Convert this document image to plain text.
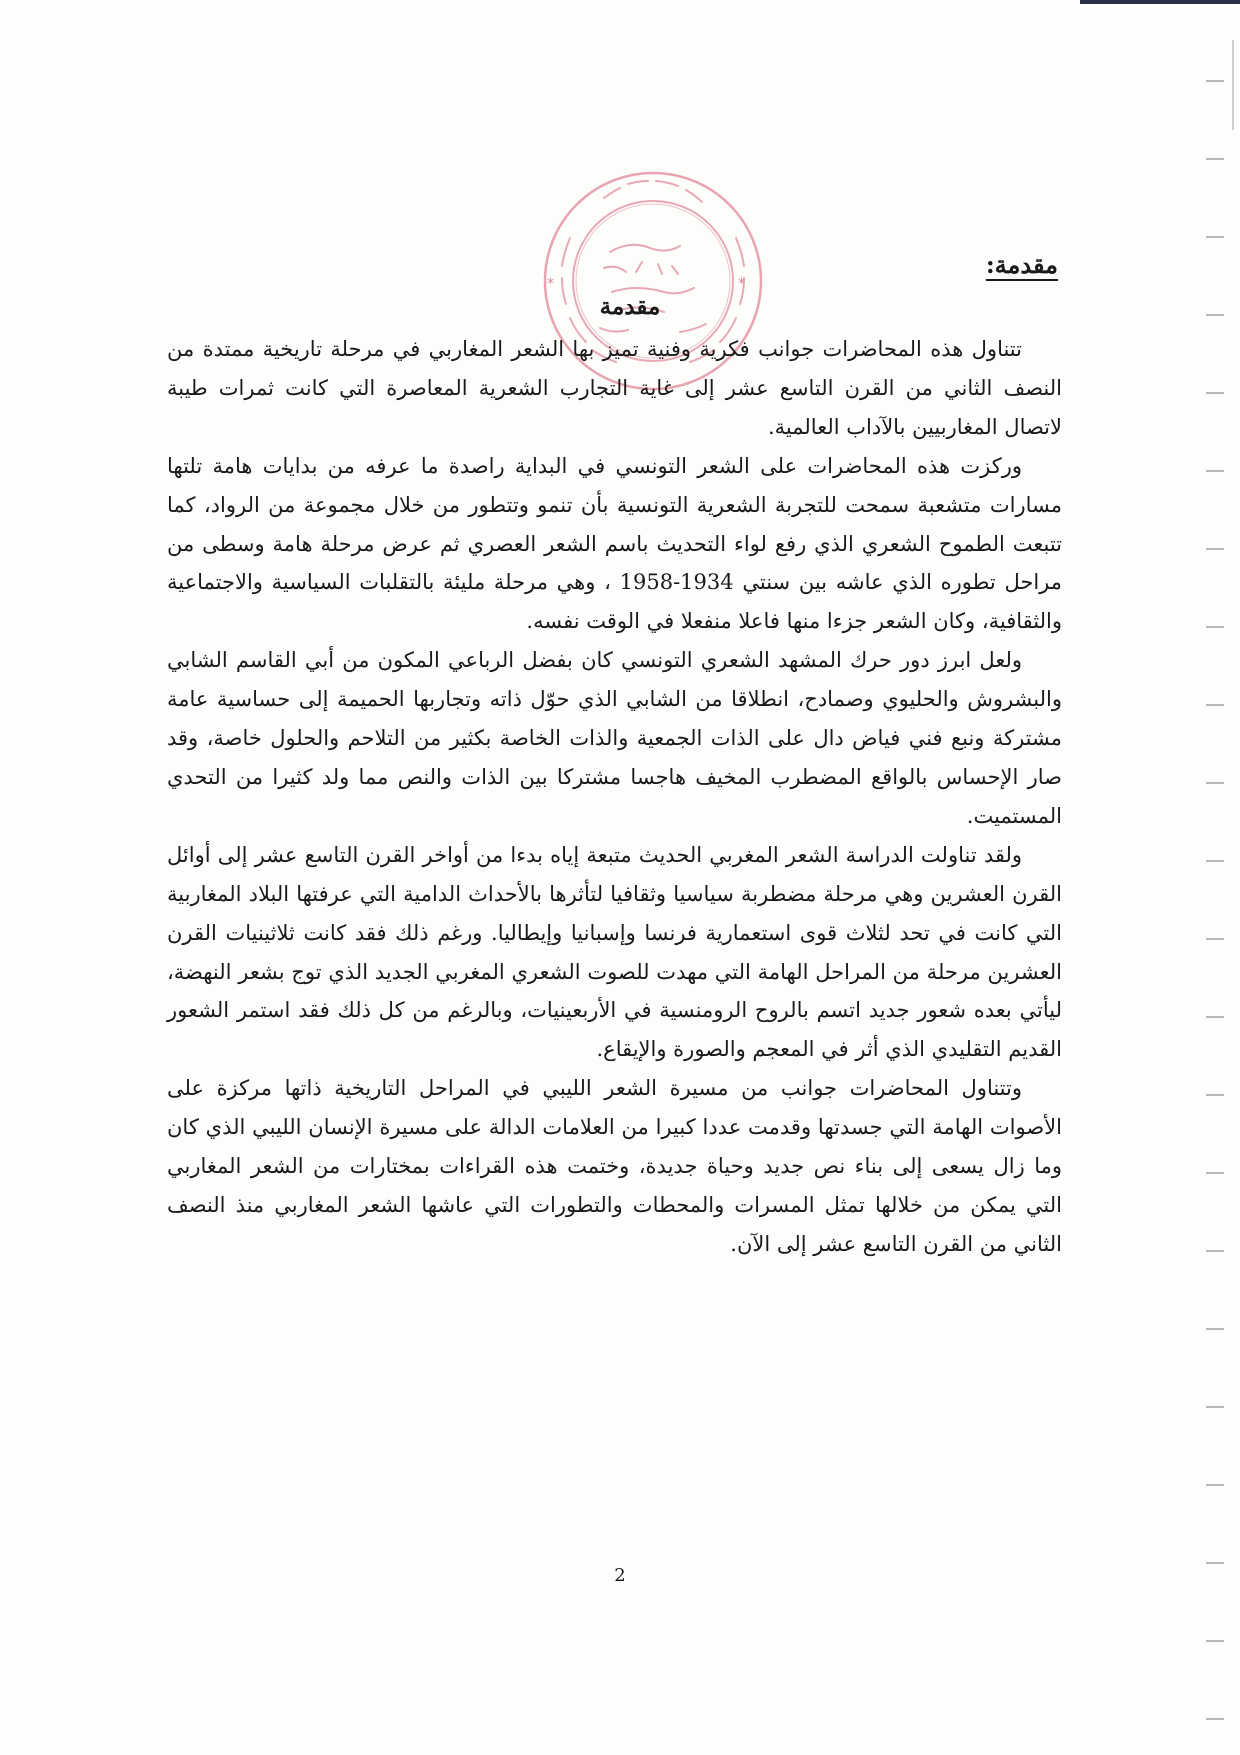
*	*
مقدمة:
مقدمة

تتناول هذه المحاضرات جوانب فكرية وفنية تميز بها الشعر المغاربي في مرحلة تاريخية ممتدة من النصف الثاني من القرن التاسع عشر إلى غاية التجارب الشعرية المعاصرة التي كانت ثمرات طيبة لاتصال المغاربيين بالآداب العالمية.

وركزت هذه المحاضرات على الشعر التونسي في البداية راصدة ما عرفه من بدايات هامة تلتها مسارات متشعبة سمحت للتجربة الشعرية التونسية بأن تنمو وتتطور من خلال مجموعة من الرواد، كما تتبعت الطموح الشعري الذي رفع لواء التحديث باسم الشعر العصري ثم عرض مرحلة هامة وسطى من مراحل تطوره الذي عاشه بين سنتي 1934-1958 ، وهي مرحلة مليئة بالتقلبات السياسية والاجتماعية والثقافية، وكان الشعر جزءا منها فاعلا منفعلا في الوقت نفسه.

ولعل ابرز دور حرك المشهد الشعري التونسي كان بفضل الرباعي المكون من أبي القاسم الشابي والبشروش والحليوي وصمادح، انطلاقا من الشابي الذي حوّل ذاته وتجاربها الحميمة إلى حساسية عامة مشتركة ونبع فني فياض دال على الذات الجمعية والذات الخاصة بكثير من التلاحم والحلول خاصة، وقد صار الإحساس بالواقع المضطرب المخيف هاجسا مشتركا بين الذات والنص مما ولد كثيرا من التحدي المستميت.

ولقد تناولت الدراسة الشعر المغربي الحديث متبعة إياه بدءا من أواخر القرن التاسع عشر إلى أوائل القرن العشرين وهي مرحلة مضطربة سياسيا وثقافيا لتأثرها بالأحداث الدامية التي عرفتها البلاد المغاربية التي كانت في تحد لثلاث قوى استعمارية فرنسا وإسبانيا وإيطاليا. ورغم ذلك فقد كانت ثلاثينيات القرن العشرين مرحلة من المراحل الهامة التي مهدت للصوت الشعري المغربي الجديد الذي توج بشعر النهضة، ليأتي بعده شعور جديد اتسم بالروح الرومنسية في الأربعينيات، وبالرغم من كل ذلك فقد استمر الشعور القديم التقليدي الذي أثر في المعجم والصورة والإيقاع.

وتتناول المحاضرات جوانب من مسيرة الشعر الليبي في المراحل التاريخية ذاتها مركزة على الأصوات الهامة التي جسدتها وقدمت عددا كبيرا من العلامات الدالة على مسيرة الإنسان الليبي الذي كان وما زال يسعى إلى بناء نص جديد وحياة جديدة، وختمت هذه القراءات بمختارات من الشعر المغاربي التي يمكن من خلالها تمثل المسرات والمحطات والتطورات التي عاشها الشعر المغاربي منذ النصف الثاني من القرن التاسع عشر إلى الآن.

2
